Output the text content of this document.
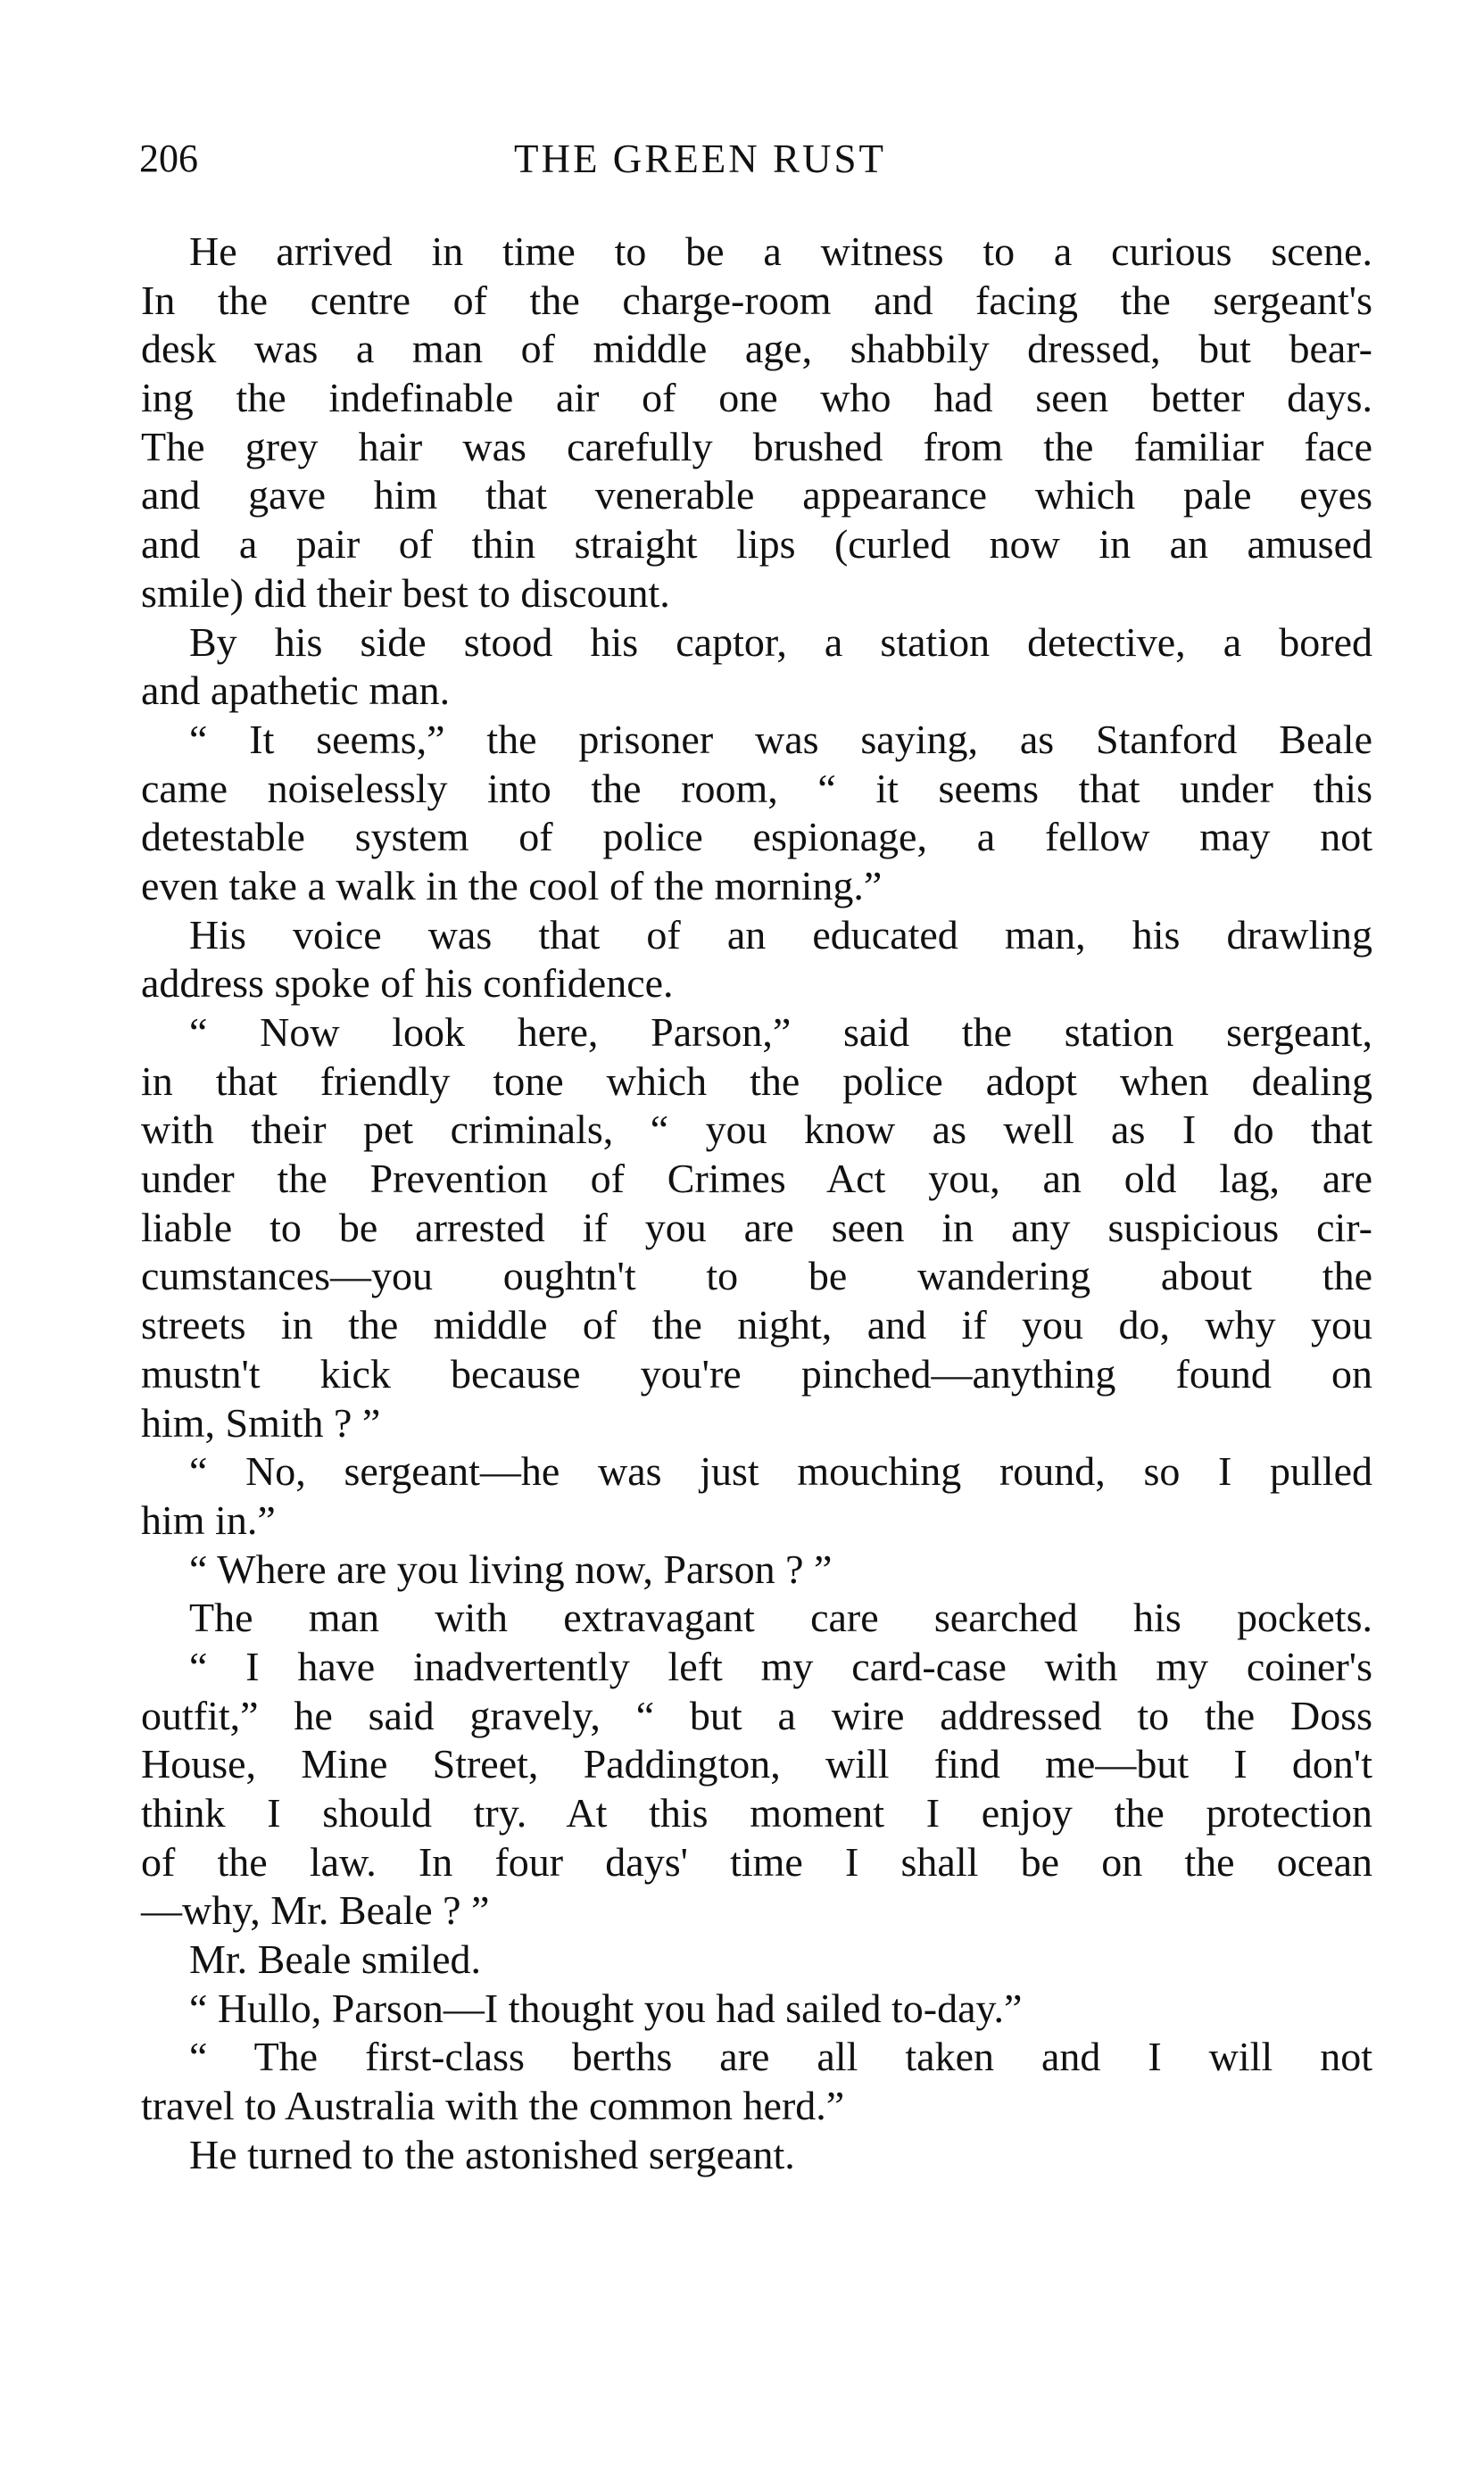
206	THE GREEN RUST
He arrived in time to be a witness to a curious scene.
In the centre of the charge-room and facing the sergeant's
desk was a man of middle age, shabbily dressed, but bear-
ing the indefinable air of one who had seen better days.
The grey hair was carefully brushed from the familiar face
and gave him that venerable appearance which pale eyes
and a pair of thin straight lips (curled now in an amused
smile) did their best to discount.
By his side stood his captor, a station detective, a bored
and apathetic man.
“ It seems,” the prisoner was saying, as Stanford Beale
came noiselessly into the room, “ it seems that under this
detestable system of police espionage, a fellow may not
even take a walk in the cool of the morning.”
His voice was that of an educated man, his drawling
address spoke of his confidence.
“ Now look here, Parson,” said the station sergeant,
in that friendly tone which the police adopt when dealing
with their pet criminals, “ you know as well as I do that
under the Prevention of Crimes Act you, an old lag, are
liable to be arrested if you are seen in any suspicious cir-
cumstances—you oughtn't to be wandering about the
streets in the middle of the night, and if you do, why you
mustn't kick because you're pinched—anything found on
him, Smith ? ”
“ No, sergeant—he was just mouching round, so I pulled
him in.”
“ Where are you living now, Parson ? ”
The man with extravagant care searched his pockets.
“ I have inadvertently left my card-case with my coiner's
outfit,” he said gravely, “ but a wire addressed to the Doss
House, Mine Street, Paddington, will find me—but I don't
think I should try. At this moment I enjoy the protection
of the law. In four days' time I shall be on the ocean
—why, Mr. Beale ? ”
Mr. Beale smiled.
“ Hullo, Parson—I thought you had sailed to-day.”
“ The first-class berths are all taken and I will not
travel to Australia with the common herd.”
He turned to the astonished sergeant.
